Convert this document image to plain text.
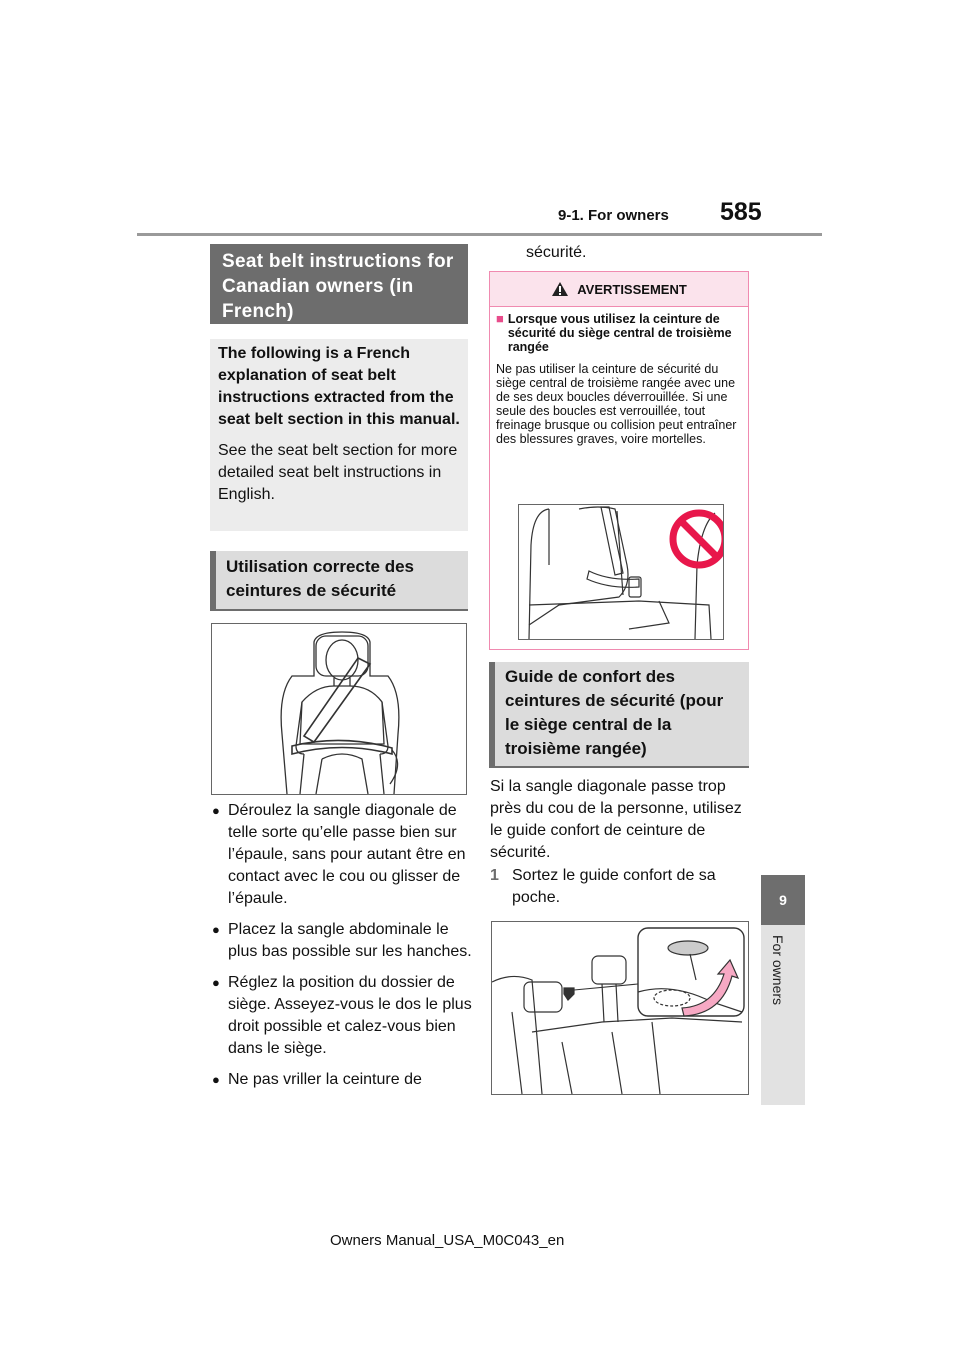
9-1. For owners 585
9
For owners
Seat belt instructions for Canadian owners (in French)

The following is a French explanation of seat belt instructions extracted from the seat belt section in this manual.

See the seat belt section for more detailed seat belt instructions in English.

Utilisation correcte des ceintures de sécurité
● Déroulez la sangle diagonale de telle sorte qu’elle passe bien sur l’épaule, sans pour autant être en contact avec le cou ou glisser de l’épaule.
● Placez la sangle abdominale le plus bas possible sur les hanches.
● Réglez la position du dossier de siège. Asseyez-vous le dos le plus droit possible et calez-vous bien dans le siège.
● Ne pas vriller la ceinture de
sécurité.
AVERTISSEMENT
■ Lorsque vous utilisez la ceinture de sécurité du siège central de troisième rangée
Ne pas utiliser la ceinture de sécurité du siège central de troisième rangée avec une de ses deux boucles déverrouillée. Si une seule des boucles est verrouillée, tout freinage brusque ou collision peut entraîner des blessures graves, voire mortelles.
Guide de confort des ceintures de sécurité (pour le siège central de la troisième rangée)
Si la sangle diagonale passe trop près du cou de la personne, utilisez le guide confort de ceinture de sécurité.
1 Sortez le guide confort de sa poche.
Owners Manual_USA_M0C043_en
